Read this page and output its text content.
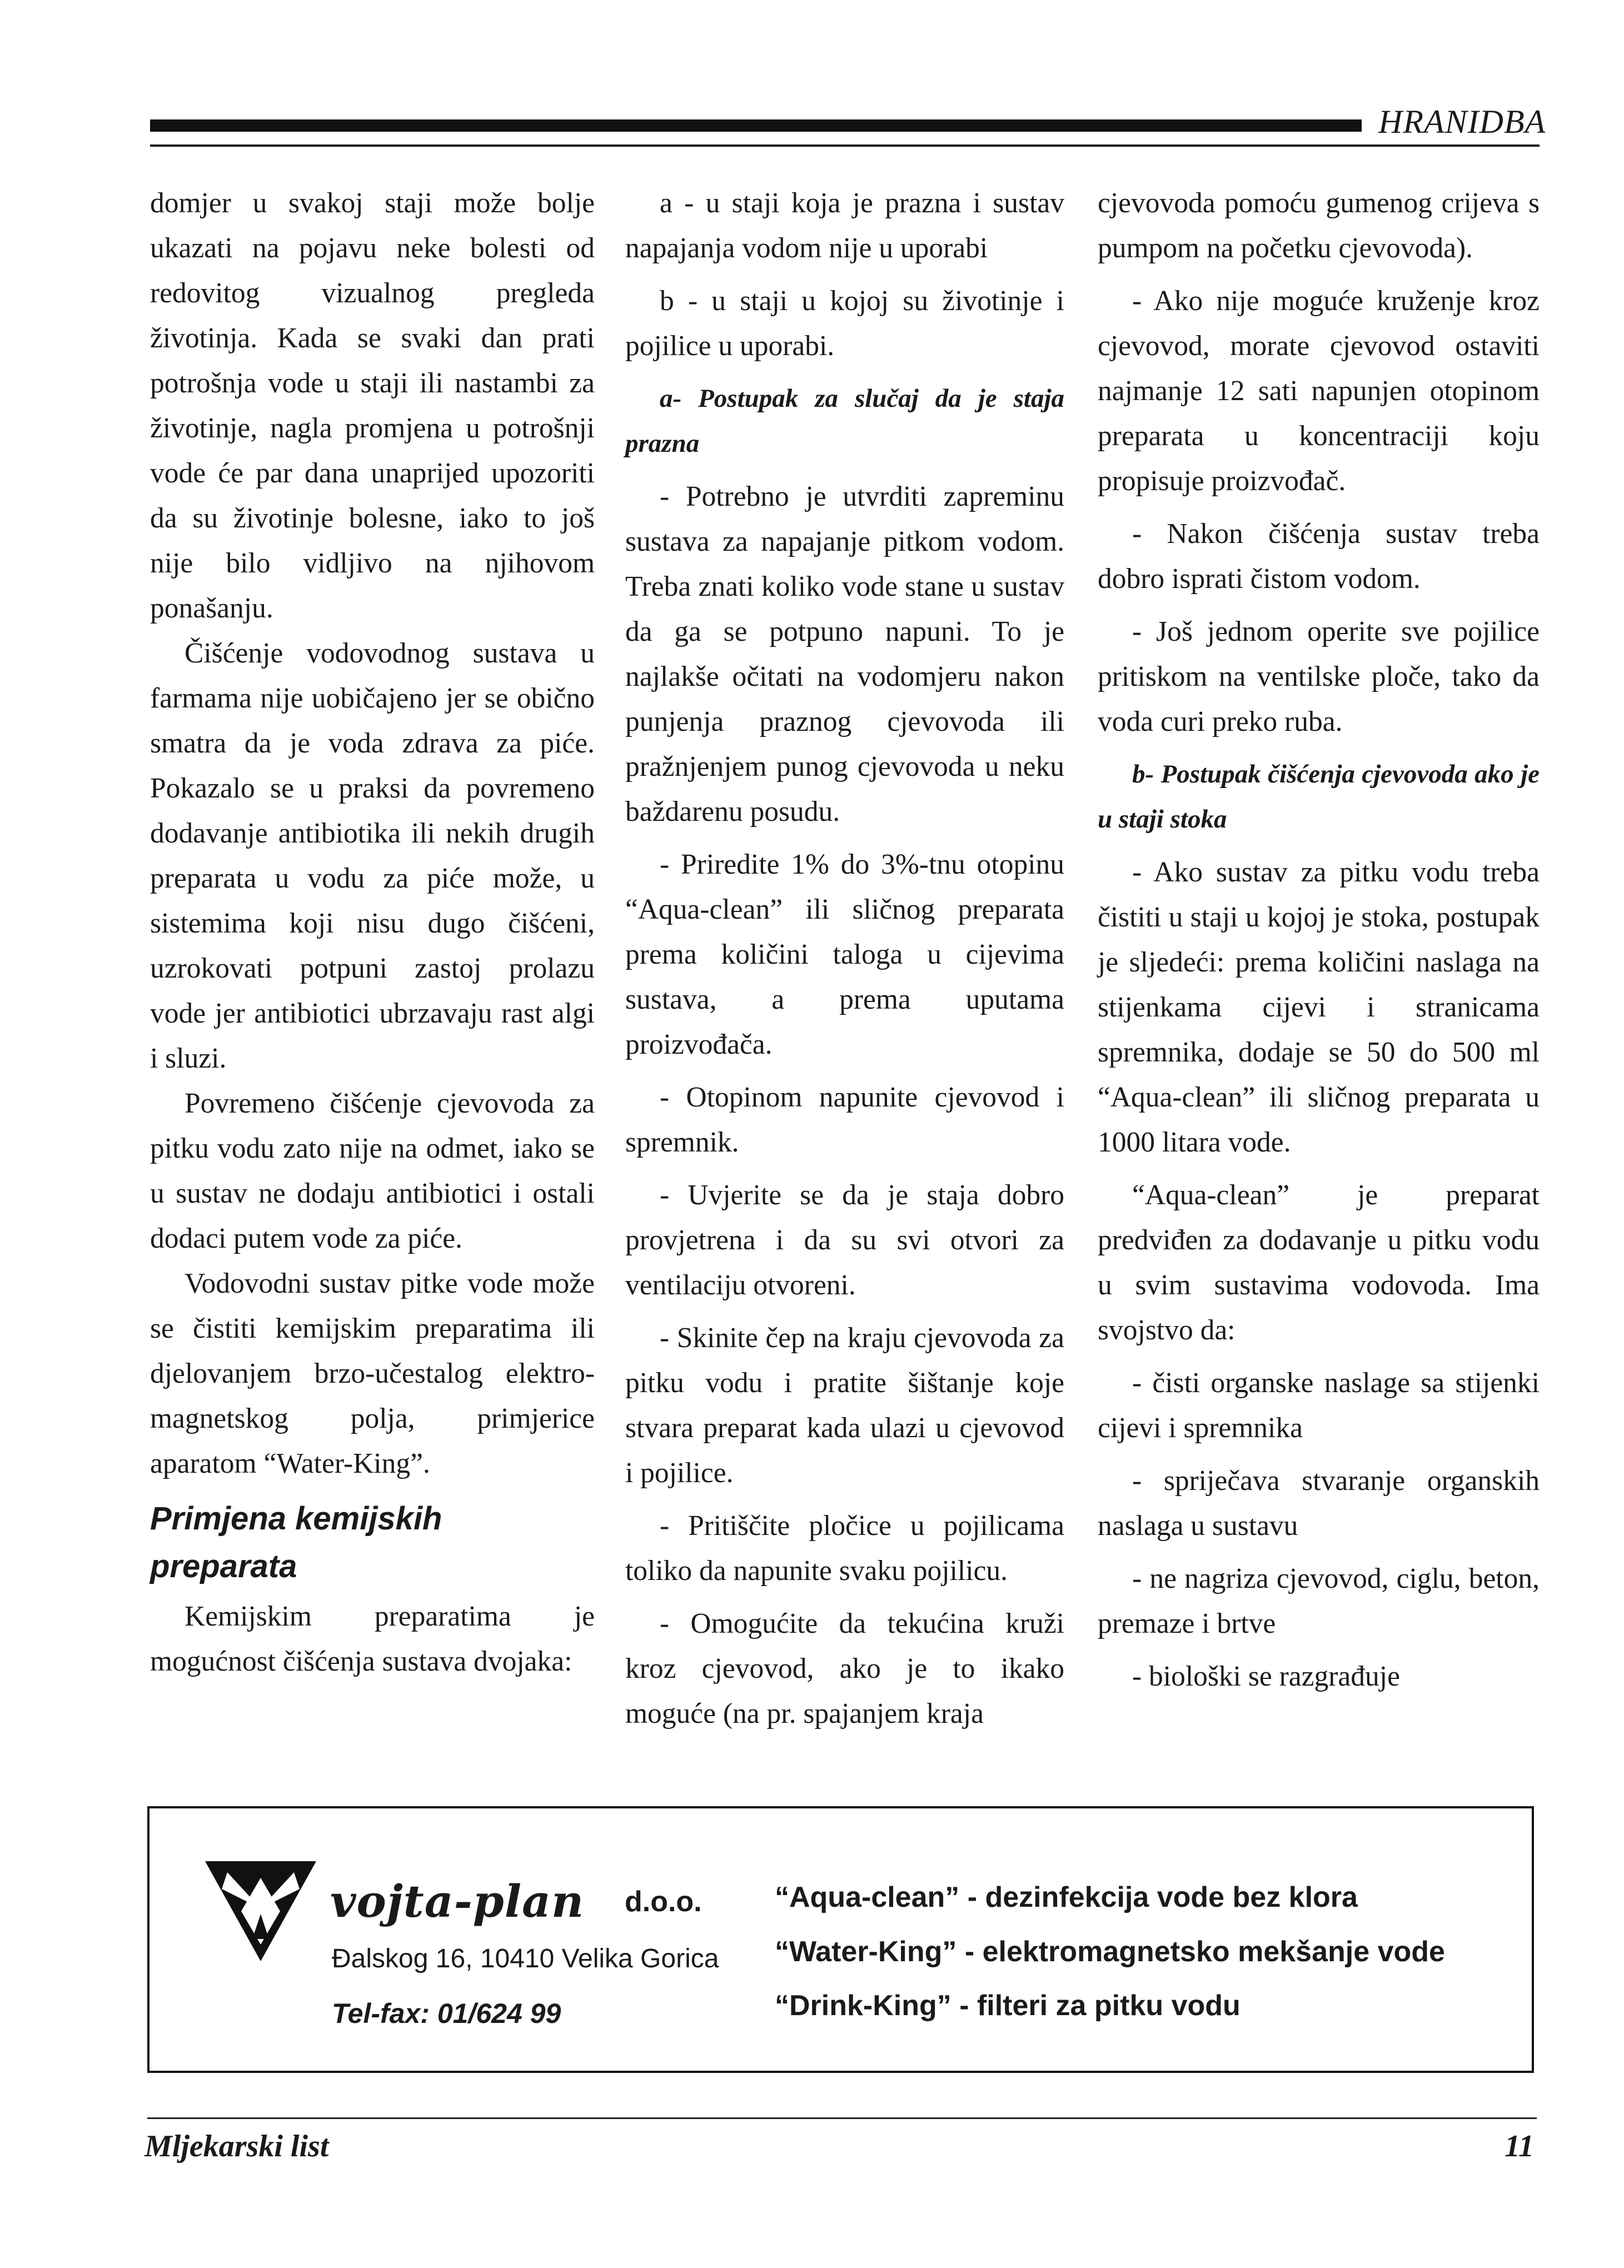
HRANIDBA

domjer u svakoj staji može bolje ukazati na pojavu neke bolesti od redovitog vizualnog pregleda životinja. Kada se svaki dan prati potrošnja vode u staji ili nastambi za životinje, nagla promjena u potrošnji vode će par dana unaprijed upozoriti da su životinje bolesne, iako to još nije bilo vidljivo na njihovom ponašanju.

Čišćenje vodovodnog sustava u farmama nije uobičajeno jer se obično smatra da je voda zdrava za piće. Pokazalo se u praksi da povremeno dodavanje antibiotika ili nekih drugih preparata u vodu za piće može, u sistemima koji nisu dugo čišćeni, uzrokovati potpuni zastoj prolazu vode jer antibiotici ubrzavaju rast algi i sluzi.

Povremeno čišćenje cjevovoda za pitku vodu zato nije na odmet, iako se u sustav ne dodaju antibiotici i ostali dodaci putem vode za piće.

Vodovodni sustav pitke vode može se čistiti kemijskim preparatima ili djelovanjem brzo-učestalog elektro-magnetskog polja, primjerice aparatom “Water-King”.

Primjena kemijskih preparata

Kemijskim preparatima je mogućnost čišćenja sustava dvojaka:

a - u staji koja je prazna i sustav napajanja vodom nije u uporabi

b - u staji u kojoj su životinje i pojilice u uporabi.

a- Postupak za slučaj da je staja prazna

- Potrebno je utvrditi zapreminu sustava za napajanje pitkom vodom. Treba znati koliko vode stane u sustav da ga se potpuno napuni. To je najlakše očitati na vodomjeru nakon punjenja praznog cjevovoda ili pražnjenjem punog cjevovoda u neku baždarenu posudu.

- Priredite 1% do 3%-tnu otopinu “Aqua-clean” ili sličnog preparata prema količini taloga u cijevima sustava, a prema uputama proizvođača.

- Otopinom napunite cjevovod i spremnik.

- Uvjerite se da je staja dobro provjetrena i da su svi otvori za ventilaciju otvoreni.

- Skinite čep na kraju cjevovoda za pitku vodu i pratite šištanje koje stvara preparat kada ulazi u cjevovod i pojilice.

- Pritiščite pločice u pojilicama toliko da napunite svaku pojilicu.

- Omogućite da tekućina kruži kroz cjevovod, ako je to ikako moguće (na pr. spajanjem kraja

cjevovoda pomoću gumenog crijeva s pumpom na početku cjevovoda).

- Ako nije moguće kruženje kroz cjevovod, morate cjevovod ostaviti najmanje 12 sati napunjen otopinom preparata u koncentraciji koju propisuje proizvođač.

- Nakon čišćenja sustav treba dobro isprati čistom vodom.

- Još jednom operite sve pojilice pritiskom na ventilske ploče, tako da voda curi preko ruba.

b- Postupak čišćenja cjevovoda ako je u staji stoka

- Ako sustav za pitku vodu treba čistiti u staji u kojoj je stoka, postupak je sljedeći: prema količini naslaga na stijenkama cijevi i stranicama spremnika, dodaje se 50 do 500 ml “Aqua-clean” ili sličnog preparata u 1000 litara vode.

“Aqua-clean” je preparat predviđen za dodavanje u pitku vodu u svim sustavima vodovoda. Ima svojstvo da:

- čisti organske naslage sa stijenki cijevi i spremnika

- spriječava stvaranje organskih naslaga u sustavu

- ne nagriza cjevovod, ciglu, beton, premaze i brtve

- biološki se razgrađuje

vojta-plan d.o.o.
Đalskog 16, 10410 Velika Gorica
Tel-fax: 01/624 99
“Aqua-clean” - dezinfekcija vode bez klora
“Water-King” - elektromagnetsko mekšanje vode
“Drink-King” - filteri za pitku vodu
Mljekarski list	11
